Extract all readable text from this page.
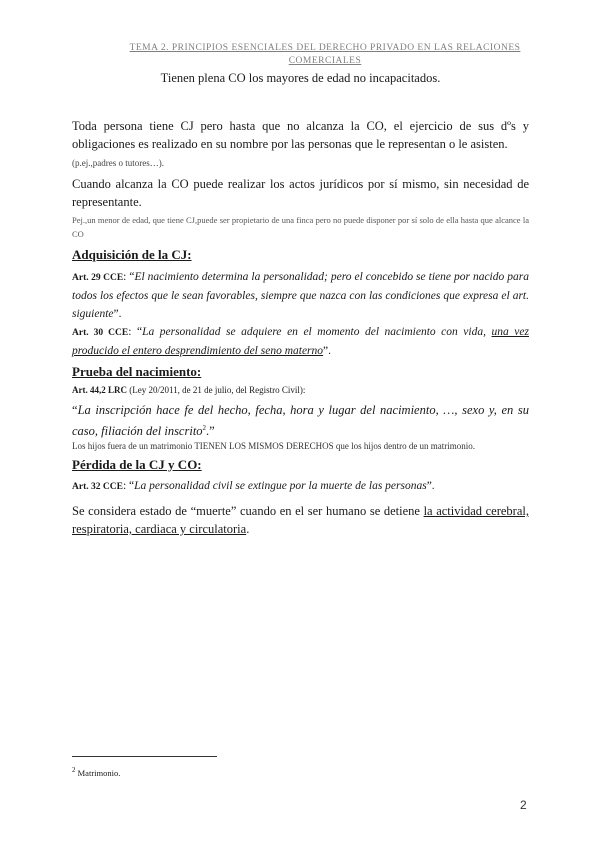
TEMA 2. PRINCIPIOS ESENCIALES DEL DERECHO PRIVADO EN LAS RELACIONES
COMERCIALES
Tienen plena CO los mayores de edad no incapacitados.
Toda persona tiene CJ pero hasta que no alcanza la CO, el ejercicio de sus dºs y obligaciones es realizado en su nombre por las personas que le representan o le asisten.
(p.ej.,padres o tutores…).
Cuando alcanza la CO puede realizar los actos jurídicos por sí mismo, sin necesidad de representante.
Pej.,un menor de edad, que tiene CJ,puede ser propietario de una finca pero no puede disponer por sí solo de ella hasta que alcance la CO
Adquisición de la CJ:
Art. 29 CCE: “El nacimiento determina la personalidad; pero el concebido se tiene por nacido para todos los efectos que le sean favorables, siempre que nazca con las condiciones que expresa el art. siguiente”.
Art. 30 CCE: “La personalidad se adquiere en el momento del nacimiento con vida, una vez producido el entero desprendimiento del seno materno”.
Prueba del nacimiento:
Art. 44,2 LRC (Ley 20/2011, de 21 de julio, del Registro Civil):
“La inscripción hace fe del hecho, fecha, hora y lugar del nacimiento, …, sexo y, en su caso, filiación del inscrito$^2$.”
Los hijos fuera de un matrimonio TIENEN LOS MISMOS DERECHOS que los hijos dentro de un matrimonio.
Pérdida de la CJ y CO:
Art. 32 CCE: “La personalidad civil se extingue por la muerte de las personas”.
Se considera estado de “muerte” cuando en el ser humano se detiene la actividad cerebral, respiratoria, cardiaca y circulatoria.
$^2$ Matrimonio.
2
